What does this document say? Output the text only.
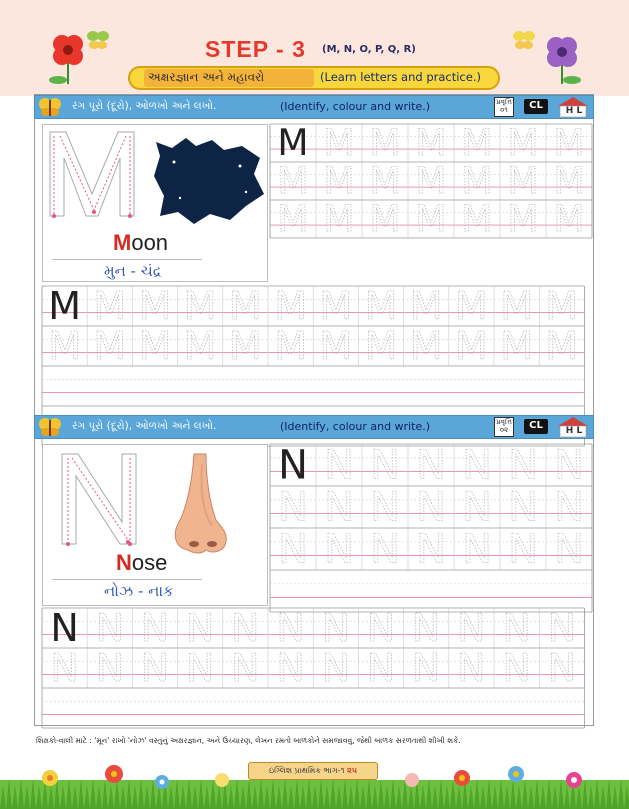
STEP - 3 (M, N, O, P, Q, R)
અક્ષરજ્ઞાન અને મહાવરો	(Learn letters and practice.)
રંગ પૂરો (દૂરો), ઓળખો અને લખો.	(Identify, colour and write.)	પ્રવૃત્તિ ૦૧	CL	H L
Moon
મુન - ચંદ્ર
M M M M M M M
M M M M M M M
M M M M M M M
M M M M M M M M M M M M
M M M M M M M M M M M M
N N N N N N N
N N N N N N N
N N N N N N N
N N N N N N N N N N N N
N N N N N N N N N N N N
રંગ પૂરો (દૂરો), ઓળખો અને લખો.	(Identify, colour and write.)	પ્રવૃત્તિ ૦૨	CL	H L
Nose
નોઝ - નાક
શિક્ષકો-વાલી માટે : 'મૂન' રાખો 'નોઝ' વસ્તુનું અક્ષરજ્ઞાન, અને ઉચ્ચારણ, લેખન રમતો બાળકોને સમજાવવું, જેથી બાળક સરળતાથી શીખી શકે.
ઇંગ્લિશ પ્રાથમિક ભાગ-૧ ૨૫
